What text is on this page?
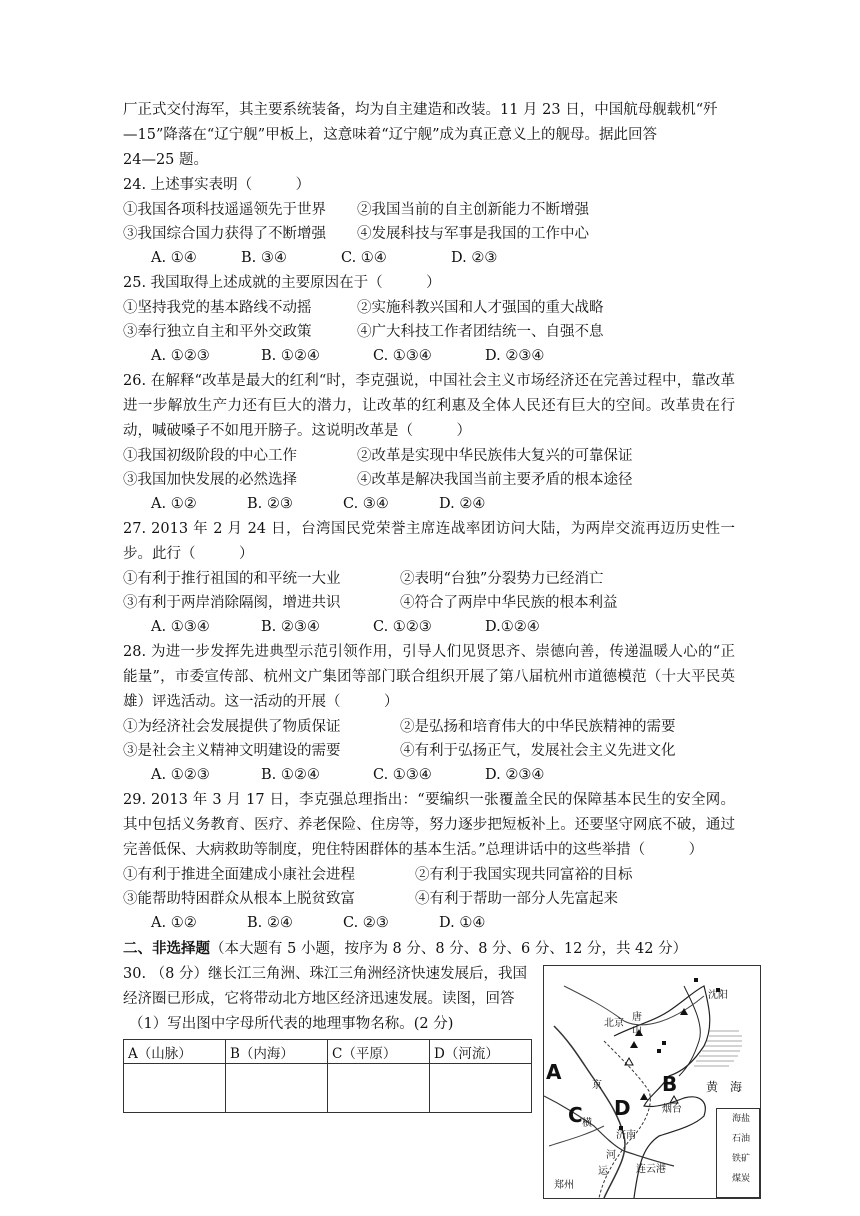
厂正式交付海军，其主要系统装备，均为自主建造和改装。11 月 23 日，中国航母舰载机“歼
—15”降落在“辽宁舰”甲板上，这意味着“辽宁舰”成为真正意义上的舰母。据此回答
24—25 题。
24. 上述事实表明（　　　）
①我国各项科技遥遥领先于世界	②我国当前的自主创新能力不断增强
③我国综合国力获得了不断增强	④发展科技与军事是我国的工作中心
A. ①④	B. ③④	C. ①④	D. ②③
25. 我国取得上述成就的主要原因在于（　　　）
①坚持我党的基本路线不动摇	②实施科教兴国和人才强国的重大战略
③奉行独立自主和平外交政策	④广大科技工作者团结统一、自强不息
A. ①②③	B. ①②④	C. ①③④	D. ②③④
26. 在解释“改革是最大的红利“时，李克强说，中国社会主义市场经济还在完善过程中，靠改革进一步解放生产力还有巨大的潜力，让改革的红利惠及全体人民还有巨大的空间。改革贵在行动，喊破嗓子不如甩开膀子。这说明改革是（　　　）
①我国初级阶段的中心工作	②改革是实现中华民族伟大复兴的可靠保证
③我国加快发展的必然选择	④改革是解决我国当前主要矛盾的根本途径
A. ①②	B. ②③	C. ③④	D. ②④
27. 2013 年 2 月 24 日，台湾国民党荣誉主席连战率团访问大陆，为两岸交流再迈历史性一步。此行（　　　）
①有利于推行祖国的和平统一大业	②表明“台独”分裂势力已经消亡
③有利于两岸消除隔阂，增进共识	④符合了两岸中华民族的根本利益
A. ①③④	B. ②③④	C. ①②③	D.①②④
28. 为进一步发挥先进典型示范引领作用，引导人们见贤思齐、崇德向善，传递温暖人心的“正能量”，市委宣传部、杭州文广集团等部门联合组织开展了第八届杭州市道德模范（十大平民英雄）评选活动。这一活动的开展（　　　）
①为经济社会发展提供了物质保证	②是弘扬和培育伟大的中华民族精神的需要
③是社会主义精神文明建设的需要	④有利于弘扬正气，发展社会主义先进文化
A. ①②③	B. ①②④	C. ①③④	D. ②③④
29. 2013 年 3 月 17 日，李克强总理指出：“要编织一张覆盖全民的保障基本民生的安全网。其中包括义务教育、医疗、养老保险、住房等，努力逐步把短板补上。还要坚守网底不破，通过完善低保、大病救助等制度，兜住特困群体的基本生活。”总理讲话中的这些举措（　　　）
①有利于推进全面建成小康社会进程	②有利于我国实现共同富裕的目标
③能帮助特困群众从根本上脱贫致富	④有利于帮助一部分人先富起来
A. ①②	B. ②④	C. ②③	D. ①④
二、非选择题（本大题有 5 小题，按序为 8 分、8 分、8 分、6 分、12 分，共 42 分）
30. （8 分）继长江三角洲、珠江三角洲经济快速发展后，我国
经济圈已形成，它将带动北方地区经济迅速发展。读图，回答
（1）写出图中字母所代表的地理事物名称。(2 分)
A（山脉）	B（内海）	C（平原）	D（河流）

A	B
C D
沈阳
北京
唐
山
黄 海
烟台
济南
连云港
郑州
京
河
运
横	海盐
石油
铁矿
煤炭
